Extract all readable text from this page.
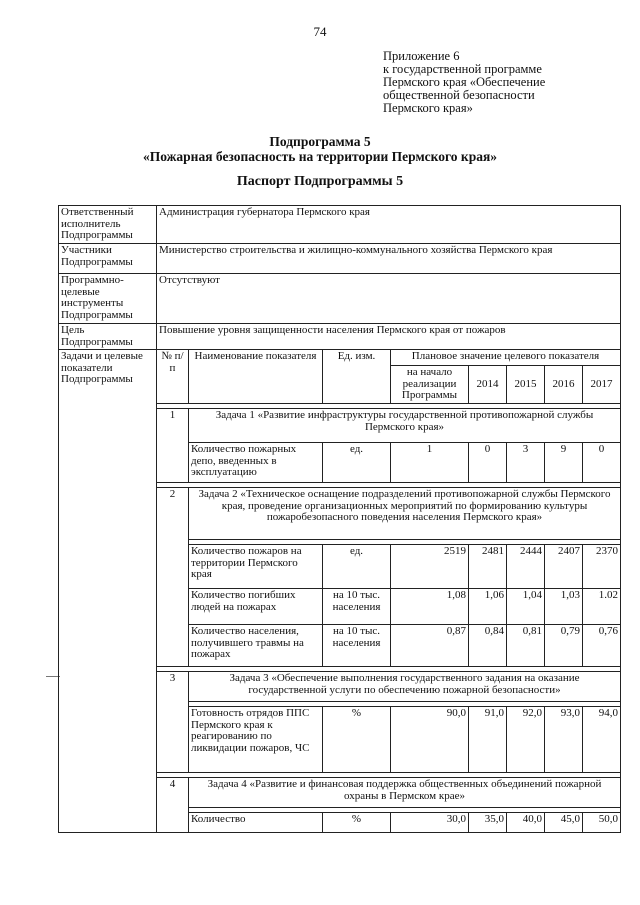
74
Приложение 6
к государственной программе
Пермского края «Обеспечение
общественной безопасности
Пермского края»
Подпрограмма 5
«Пожарная безопасность на территории Пермского края»
Паспорт Подпрограммы 5
Ответственный исполнитель Подпрограммы	Администрация губернатора Пермского края							
Участники Подпрограммы	Министерство строительства и жилищно-коммунального хозяйства Пермского края							
Программно-целевые инструменты Подпрограммы	Отсутствуют							
Цель Подпрограммы	Повышение уровня защищенности населения Пермского края от пожаров							
Задачи и целевые показатели Подпрограммы	№ п/п	Наименование показателя	Ед. изм.	Плановое значение целевого показателя				
				на начало реализации Программы	2014	2015	2016	2017

	1	Задача 1 «Развитие инфраструктуры государственной противопожарной службы Пермского края»						
		Количество пожарных депо, введенных в эксплуатацию	ед.	1	0	3	9	0

	2	Задача 2 «Техническое оснащение подразделений противопожарной службы Пермского края, проведение организационных мероприятий по формированию культуры пожаробезопасного поведения населения Пермского края»						

		Количество пожаров на территории Пермского края	ед.	2519	2481	2444	2407	2370
		Количество погибших людей на пожарах	на 10 тыс. населения	1,08	1,06	1,04	1,03	1.02
		Количество населения, получившего травмы на пожарах	на 10 тыс. населения	0,87	0,84	0,81	0,79	0,76

	3	Задача 3 «Обеспечение выполнения государственного задания на оказание государственной услуги по обеспечению пожарной безопасности»						

		Готовность отрядов ППС Пермского края к реагированию по ликвидации пожаров, ЧС	%	90,0	91,0	92,0	93,0	94,0

	4	Задача 4 «Развитие и финансовая поддержка общественных объединений пожарной охраны в Пермском крае»						

		Количество	%	30,0	35,0	40,0	45,0	50,0
